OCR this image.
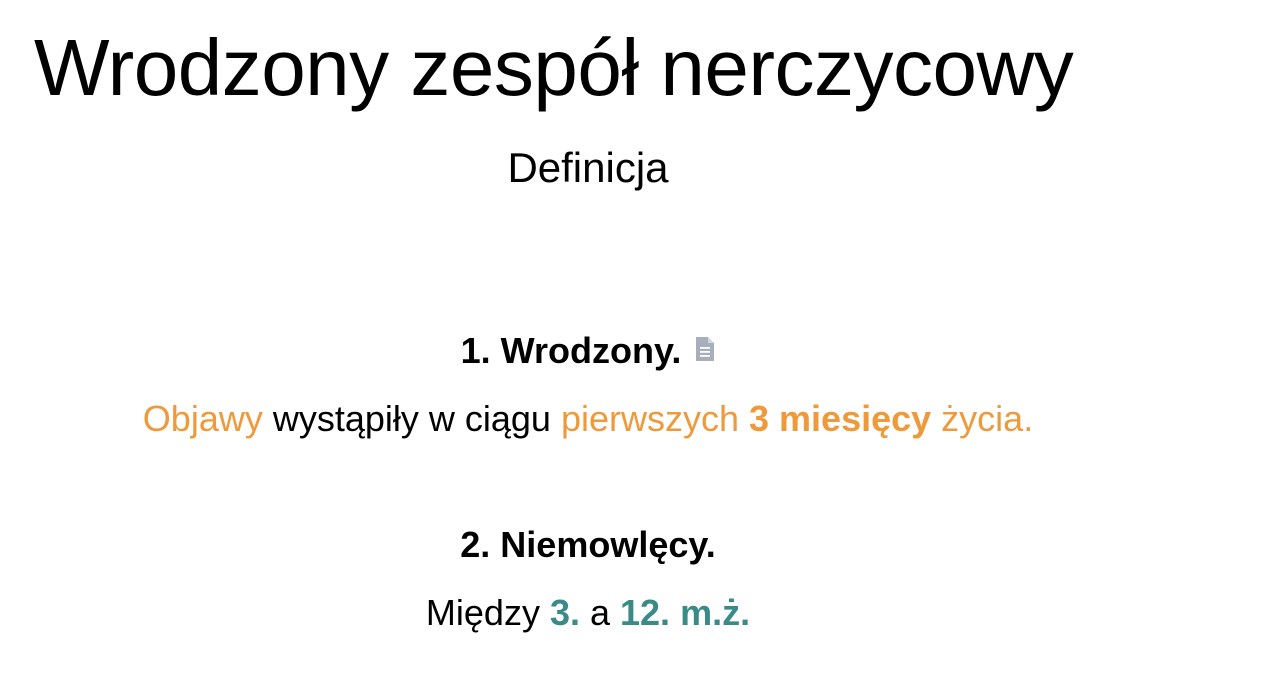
Wrodzony zespół nerczycowy
Definicja
1. Wrodzony.
Objawy wystąpiły w ciągu pierwszych 3 miesięcy życia.
2. Niemowlęcy.
Między 3. a 12. m.ż.
